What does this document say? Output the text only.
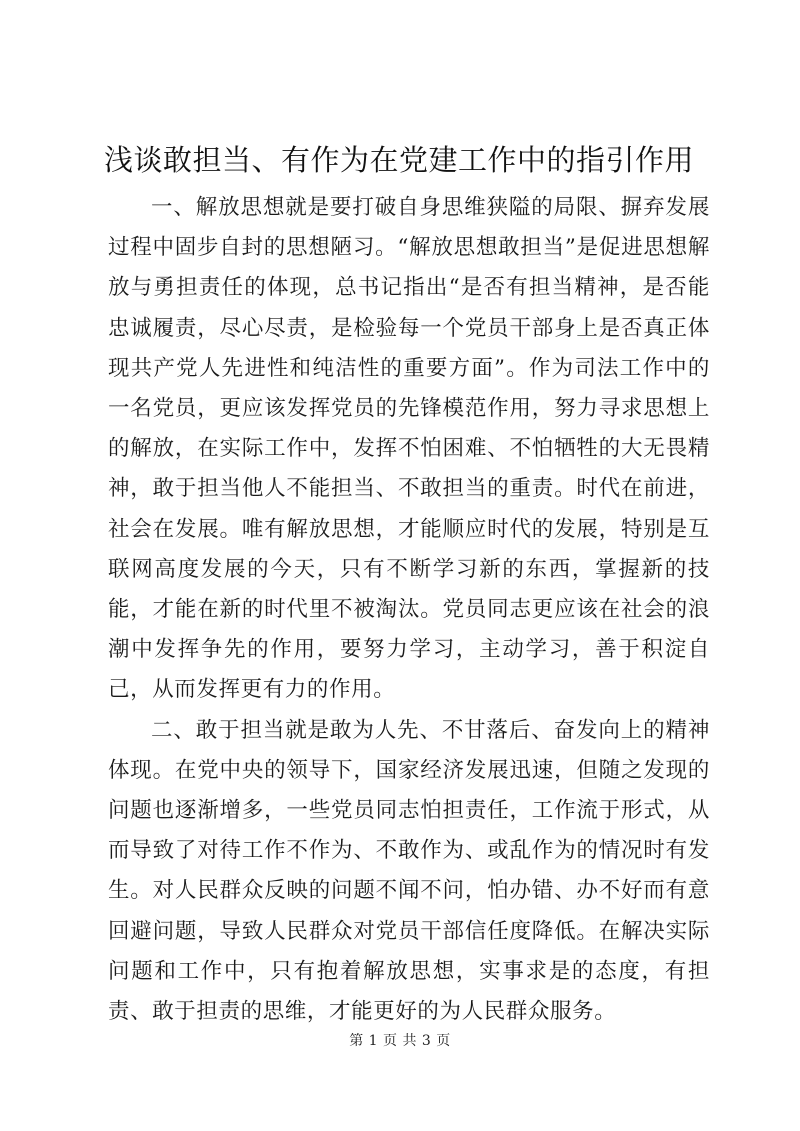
浅谈敢担当、有作为在党建工作中的指引作用

一、解放思想就是要打破自身思维狭隘的局限、摒弃发展过程中固步自封的思想陋习。“解放思想敢担当”是促进思想解放与勇担责任的体现，总书记指出“是否有担当精神，是否能忠诚履责，尽心尽责，是检验每一个党员干部身上是否真正体现共产党人先进性和纯洁性的重要方面”。作为司法工作中的一名党员，更应该发挥党员的先锋模范作用，努力寻求思想上的解放，在实际工作中，发挥不怕困难、不怕牺牲的大无畏精神，敢于担当他人不能担当、不敢担当的重责。时代在前进，社会在发展。唯有解放思想，才能顺应时代的发展，特别是互联网高度发展的今天，只有不断学习新的东西，掌握新的技能，才能在新的时代里不被淘汰。党员同志更应该在社会的浪潮中发挥争先的作用，要努力学习，主动学习，善于积淀自己，从而发挥更有力的作用。

二、敢于担当就是敢为人先、不甘落后、奋发向上的精神体现。在党中央的领导下，国家经济发展迅速，但随之发现的问题也逐渐增多，一些党员同志怕担责任，工作流于形式，从而导致了对待工作不作为、不敢作为、或乱作为的情况时有发生。对人民群众反映的问题不闻不问，怕办错、办不好而有意回避问题，导致人民群众对党员干部信任度降低。在解决实际问题和工作中，只有抱着解放思想，实事求是的态度，有担责、敢于担责的思维，才能更好的为人民群众服务。

第 1 页 共 3 页
